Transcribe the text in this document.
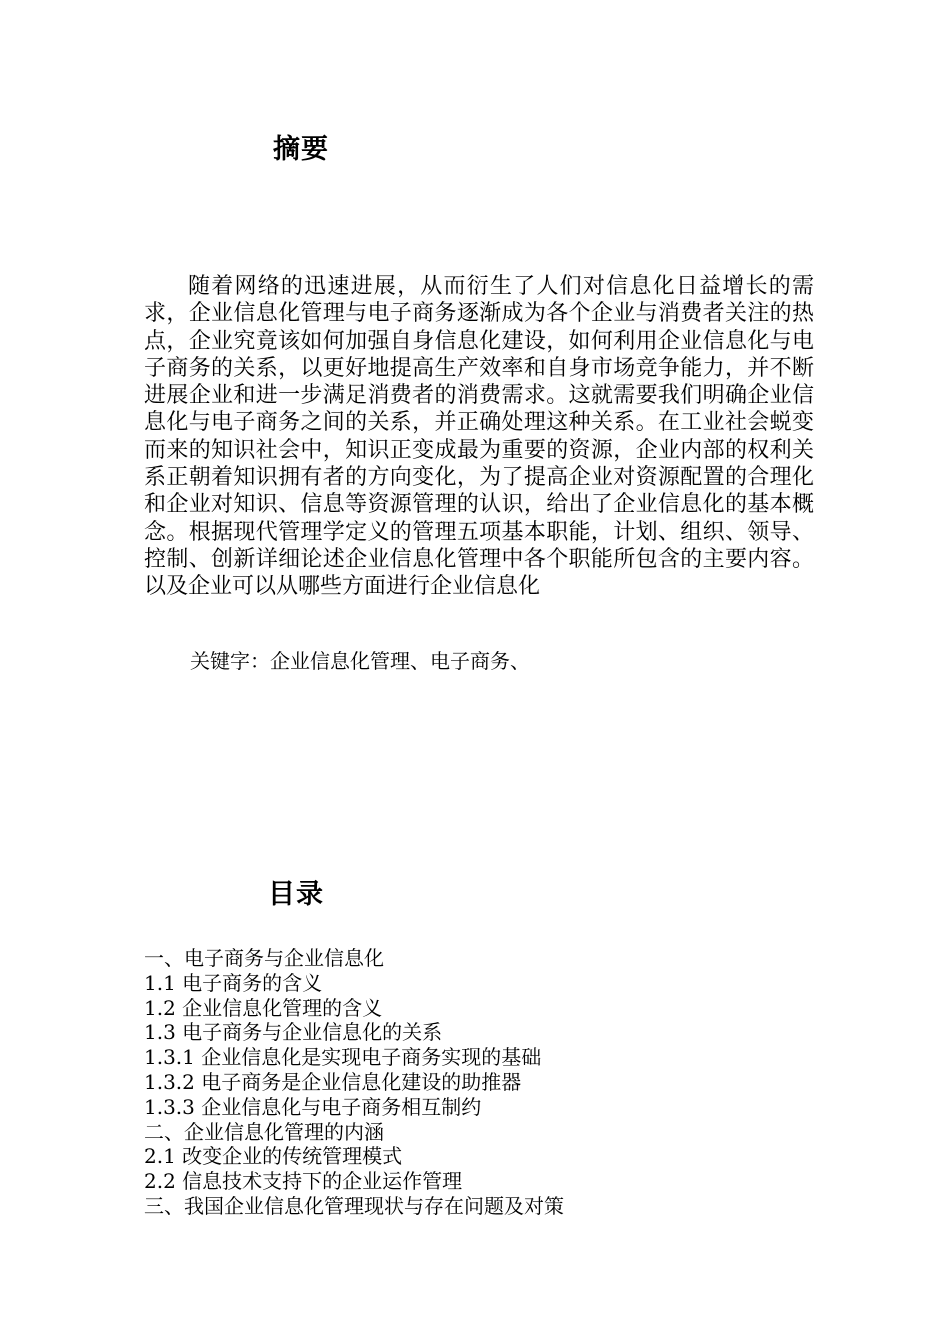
摘要

随着网络的迅速进展，从而衍生了人们对信息化日益增长的需求，企业信息化管理与电子商务逐渐成为各个企业与消费者关注的热点，企业究竟该如何加强自身信息化建设，如何利用企业信息化与电子商务的关系，以更好地提高生产效率和自身市场竞争能力，并不断进展企业和进一步满足消费者的消费需求。这就需要我们明确企业信息化与电子商务之间的关系，并正确处理这种关系。在工业社会蜕变而来的知识社会中，知识正变成最为重要的资源，企业内部的权利关系正朝着知识拥有者的方向变化，为了提高企业对资源配置的合理化和企业对知识、信息等资源管理的认识，给出了企业信息化的基本概念。根据现代管理学定义的管理五项基本职能，计划、组织、领导、控制、创新详细论述企业信息化管理中各个职能所包含的主要内容。以及企业可以从哪些方面进行企业信息化

关键字：企业信息化管理、电子商务、

目录
一、电子商务与企业信息化
1.1 电子商务的含义
1.2 企业信息化管理的含义
1.3 电子商务与企业信息化的关系
1.3.1 企业信息化是实现电子商务实现的基础
1.3.2 电子商务是企业信息化建设的助推器
1.3.3 企业信息化与电子商务相互制约
二、企业信息化管理的内涵
2.1 改变企业的传统管理模式
2.2 信息技术支持下的企业运作管理
三、我国企业信息化管理现状与存在问题及对策
